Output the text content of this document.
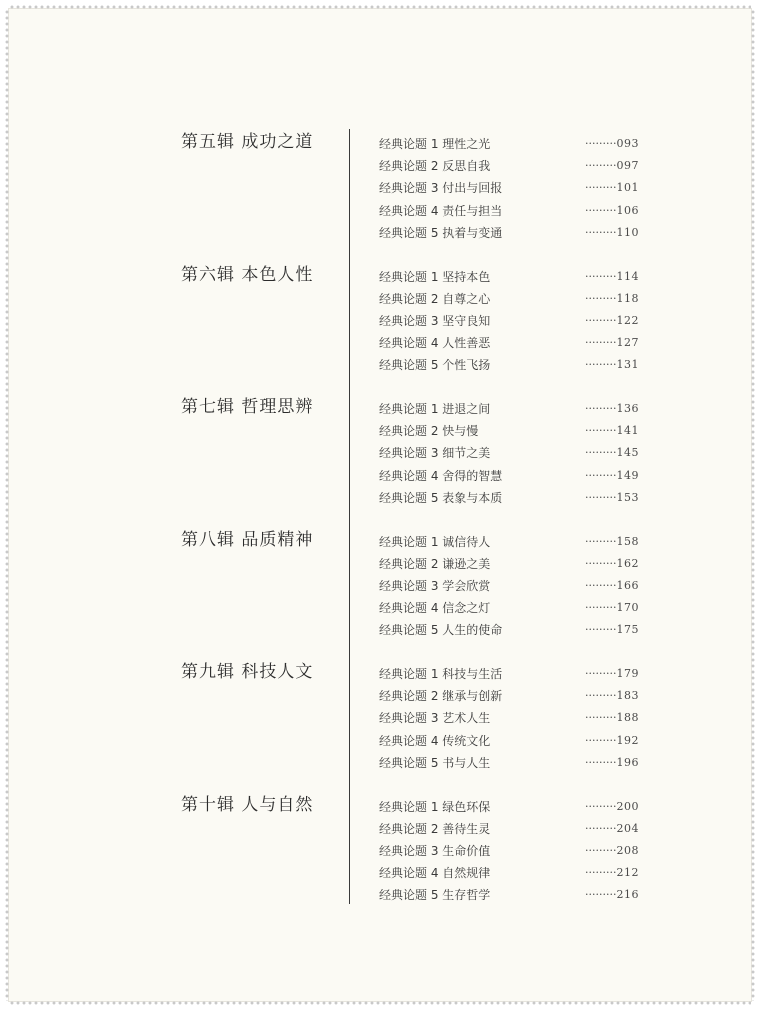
第五辑 成功之道	经典论题 1 理性之光	·········093
经典论题 2 反思自我	·········097
经典论题 3 付出与回报	·········101
经典论题 4 责任与担当	·········106
经典论题 5 执着与变通	·········110
第六辑 本色人性	经典论题 1 坚持本色	·········114
经典论题 2 自尊之心	·········118
经典论题 3 坚守良知	·········122
经典论题 4 人性善恶	·········127
经典论题 5 个性飞扬	·········131
第七辑 哲理思辨	经典论题 1 进退之间	·········136
经典论题 2 快与慢	·········141
经典论题 3 细节之美	·········145
经典论题 4 舍得的智慧	·········149
经典论题 5 表象与本质	·········153
第八辑 品质精神	经典论题 1 诚信待人	·········158
经典论题 2 谦逊之美	·········162
经典论题 3 学会欣赏	·········166
经典论题 4 信念之灯	·········170
经典论题 5 人生的使命	·········175
第九辑 科技人文	经典论题 1 科技与生活	·········179
经典论题 2 继承与创新	·········183
经典论题 3 艺术人生	·········188
经典论题 4 传统文化	·········192
经典论题 5 书与人生	·········196
第十辑 人与自然	经典论题 1 绿色环保	·········200
经典论题 2 善待生灵	·········204
经典论题 3 生命价值	·········208
经典论题 4 自然规律	·········212
经典论题 5 生存哲学	·········216
